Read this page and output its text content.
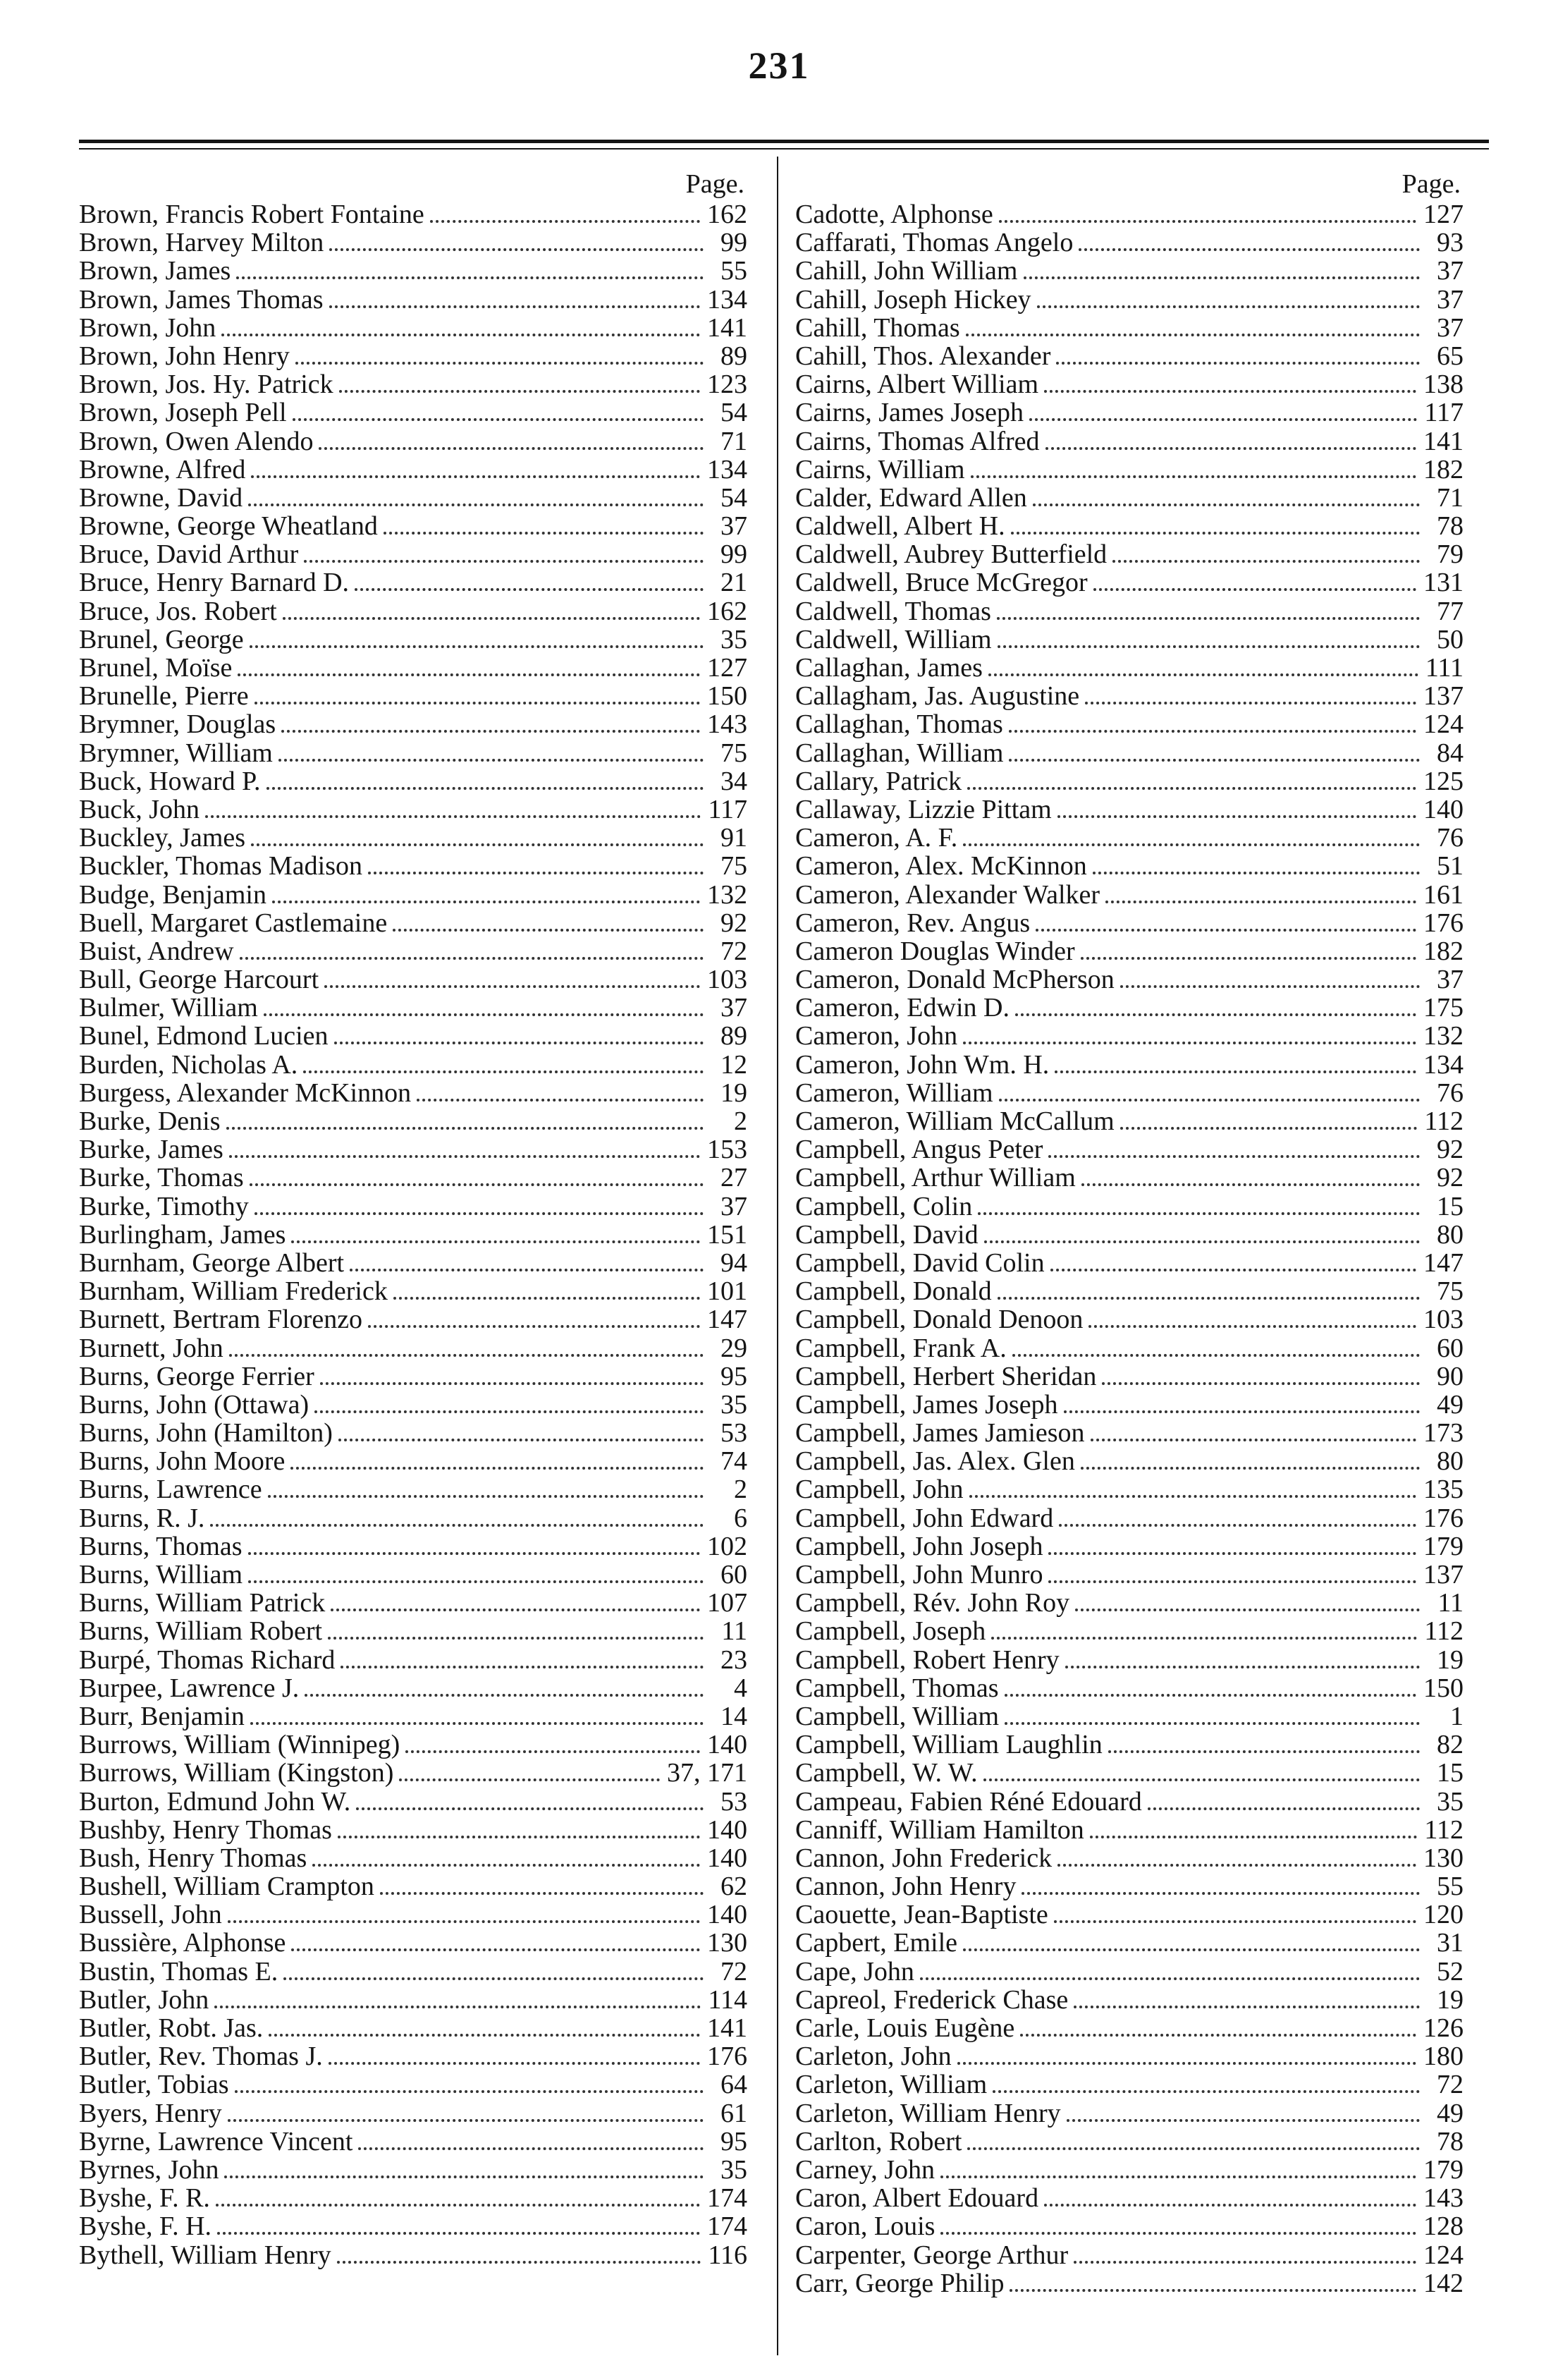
231
Page.
Brown, Francis Robert Fontaine	162
Brown, Harvey Milton	99
Brown, James	55
Brown, James Thomas	134
Brown, John	141
Brown, John Henry	89
Brown, Jos. Hy. Patrick	123
Brown, Joseph Pell	54
Brown, Owen Alendo	71
Browne, Alfred	134
Browne, David	54
Browne, George Wheatland	37
Bruce, David Arthur	99
Bruce, Henry Barnard D.	21
Bruce, Jos. Robert	162
Brunel, George	35
Brunel, Moïse	127
Brunelle, Pierre	150
Brymner, Douglas	143
Brymner, William	75
Buck, Howard P.	34
Buck, John	117
Buckley, James	91
Buckler, Thomas Madison	75
Budge, Benjamin	132
Buell, Margaret Castlemaine	92
Buist, Andrew	72
Bull, George Harcourt	103
Bulmer, William	37
Bunel, Edmond Lucien	89
Burden, Nicholas A.	12
Burgess, Alexander McKinnon	19
Burke, Denis	2
Burke, James	153
Burke, Thomas	27
Burke, Timothy	37
Burlingham, James	151
Burnham, George Albert	94
Burnham, William Frederick	101
Burnett, Bertram Florenzo	147
Burnett, John	29
Burns, George Ferrier	95
Burns, John (Ottawa)	35
Burns, John (Hamilton)	53
Burns, John Moore	74
Burns, Lawrence	2
Burns, R. J.	6
Burns, Thomas	102
Burns, William	60
Burns, William Patrick	107
Burns, William Robert	11
Burpé, Thomas Richard	23
Burpee, Lawrence J.	4
Burr, Benjamin	14
Burrows, William (Winnipeg)	140
Burrows, William (Kingston)	37, 171
Burton, Edmund John W.	53
Bushby, Henry Thomas	140
Bush, Henry Thomas	140
Bushell, William Crampton	62
Bussell, John	140
Bussière, Alphonse	130
Bustin, Thomas E.	72
Butler, John	114
Butler, Robt. Jas.	141
Butler, Rev. Thomas J.	176
Butler, Tobias	64
Byers, Henry	61
Byrne, Lawrence Vincent	95
Byrnes, John	35
Byshe, F. R.	174
Byshe, F. H.	174
Bythell, William Henry	116
Page.
Cadotte, Alphonse	127
Caffarati, Thomas Angelo	93
Cahill, John William	37
Cahill, Joseph Hickey	37
Cahill, Thomas	37
Cahill, Thos. Alexander	65
Cairns, Albert William	138
Cairns, James Joseph	117
Cairns, Thomas Alfred	141
Cairns, William	182
Calder, Edward Allen	71
Caldwell, Albert H.	78
Caldwell, Aubrey Butterfield	79
Caldwell, Bruce McGregor	131
Caldwell, Thomas	77
Caldwell, William	50
Callaghan, James	111
Callagham, Jas. Augustine	137
Callaghan, Thomas	124
Callaghan, William	84
Callary, Patrick	125
Callaway, Lizzie Pittam	140
Cameron, A. F.	76
Cameron, Alex. McKinnon	51
Cameron, Alexander Walker	161
Cameron, Rev. Angus	176
Cameron Douglas Winder	182
Cameron, Donald McPherson	37
Cameron, Edwin D.	175
Cameron, John	132
Cameron, John Wm. H.	134
Cameron, William	76
Cameron, William McCallum	112
Campbell, Angus Peter	92
Campbell, Arthur William	92
Campbell, Colin	15
Campbell, David	80
Campbell, David Colin	147
Campbell, Donald	75
Campbell, Donald Denoon	103
Campbell, Frank A.	60
Campbell, Herbert Sheridan	90
Campbell, James Joseph	49
Campbell, James Jamieson	173
Campbell, Jas. Alex. Glen	80
Campbell, John	135
Campbell, John Edward	176
Campbell, John Joseph	179
Campbell, John Munro	137
Campbell, Rév. John Roy	11
Campbell, Joseph	112
Campbell, Robert Henry	19
Campbell, Thomas	150
Campbell, William	1
Campbell, William Laughlin	82
Campbell, W. W.	15
Campeau, Fabien Réné Edouard	35
Canniff, William Hamilton	112
Cannon, John Frederick	130
Cannon, John Henry	55
Caouette, Jean-Baptiste	120
Capbert, Emile	31
Cape, John	52
Capreol, Frederick Chase	19
Carle, Louis Eugène	126
Carleton, John	180
Carleton, William	72
Carleton, William Henry	49
Carlton, Robert	78
Carney, John	179
Caron, Albert Edouard	143
Caron, Louis	128
Carpenter, George Arthur	124
Carr, George Philip	142
